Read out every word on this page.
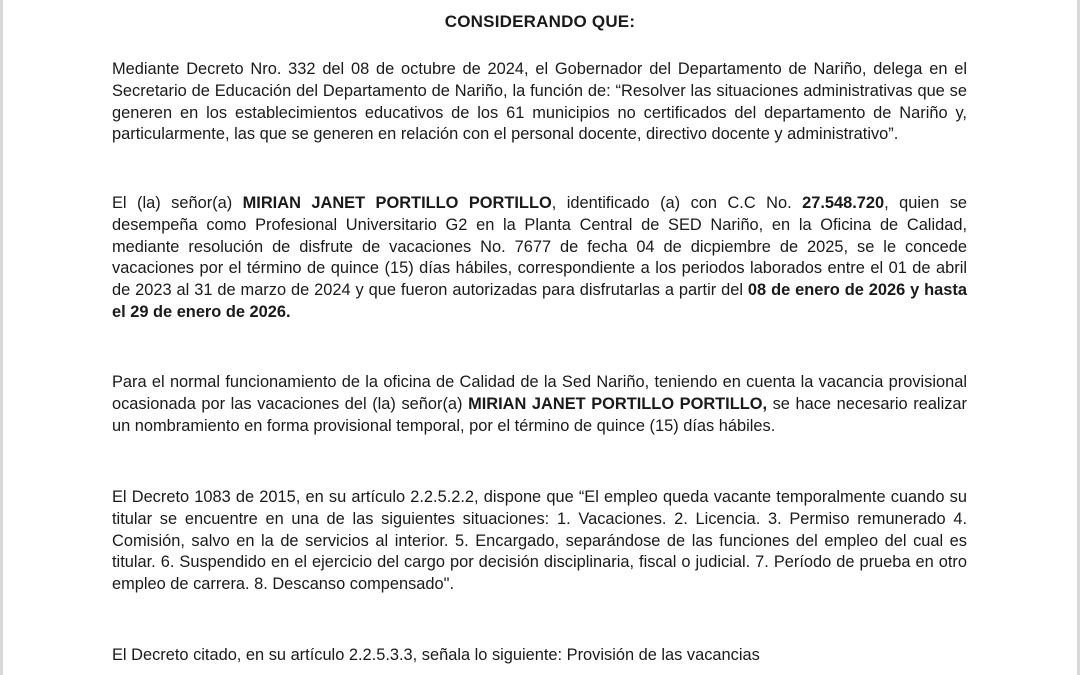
CONSIDERANDO QUE:

Mediante Decreto Nro. 332 del 08 de octubre de 2024, el Gobernador del Departamento de Nariño, delega en el Secretario de Educación del Departamento de Nariño, la función de: “Resolver las situaciones administrativas que se generen en los establecimientos educativos de los 61 municipios no certificados del departamento de Nariño y, particularmente, las que se generen en relación con el personal docente, directivo docente y administrativo”.

El (la) señor(a) MIRIAN JANET PORTILLO PORTILLO, identificado (a) con C.C No. 27.548.720, quien se desempeña como Profesional Universitario G2 en la Planta Central de SED Nariño, en la Oficina de Calidad, mediante resolución de disfrute de vacaciones No. 7677 de fecha 04 de dicpiembre de 2025, se le concede vacaciones por el término de quince (15) días hábiles, correspondiente a los periodos laborados entre el 01 de abril de 2023 al 31 de marzo de 2024 y que fueron autorizadas para disfrutarlas a partir del 08 de enero de 2026 y hasta el 29 de enero de 2026.

Para el normal funcionamiento de la oficina de Calidad de la Sed Nariño, teniendo en cuenta la vacancia provisional ocasionada por las vacaciones del (la) señor(a) MIRIAN JANET PORTILLO PORTILLO, se hace necesario realizar un nombramiento en forma provisional temporal, por el término de quince (15) días hábiles.

El Decreto 1083 de 2015, en su artículo 2.2.5.2.2, dispone que “El empleo queda vacante temporalmente cuando su titular se encuentre en una de las siguientes situaciones: 1. Vacaciones. 2. Licencia. 3. Permiso remunerado 4. Comisión, salvo en la de servicios al interior. 5. Encargado, separándose de las funciones del empleo del cual es titular. 6. Suspendido en el ejercicio del cargo por decisión disciplinaria, fiscal o judicial. 7. Período de prueba en otro empleo de carrera. 8. Descanso compensado".

El Decreto citado, en su artículo 2.2.5.3.3, señala lo siguiente: Provisión de las vacancias
